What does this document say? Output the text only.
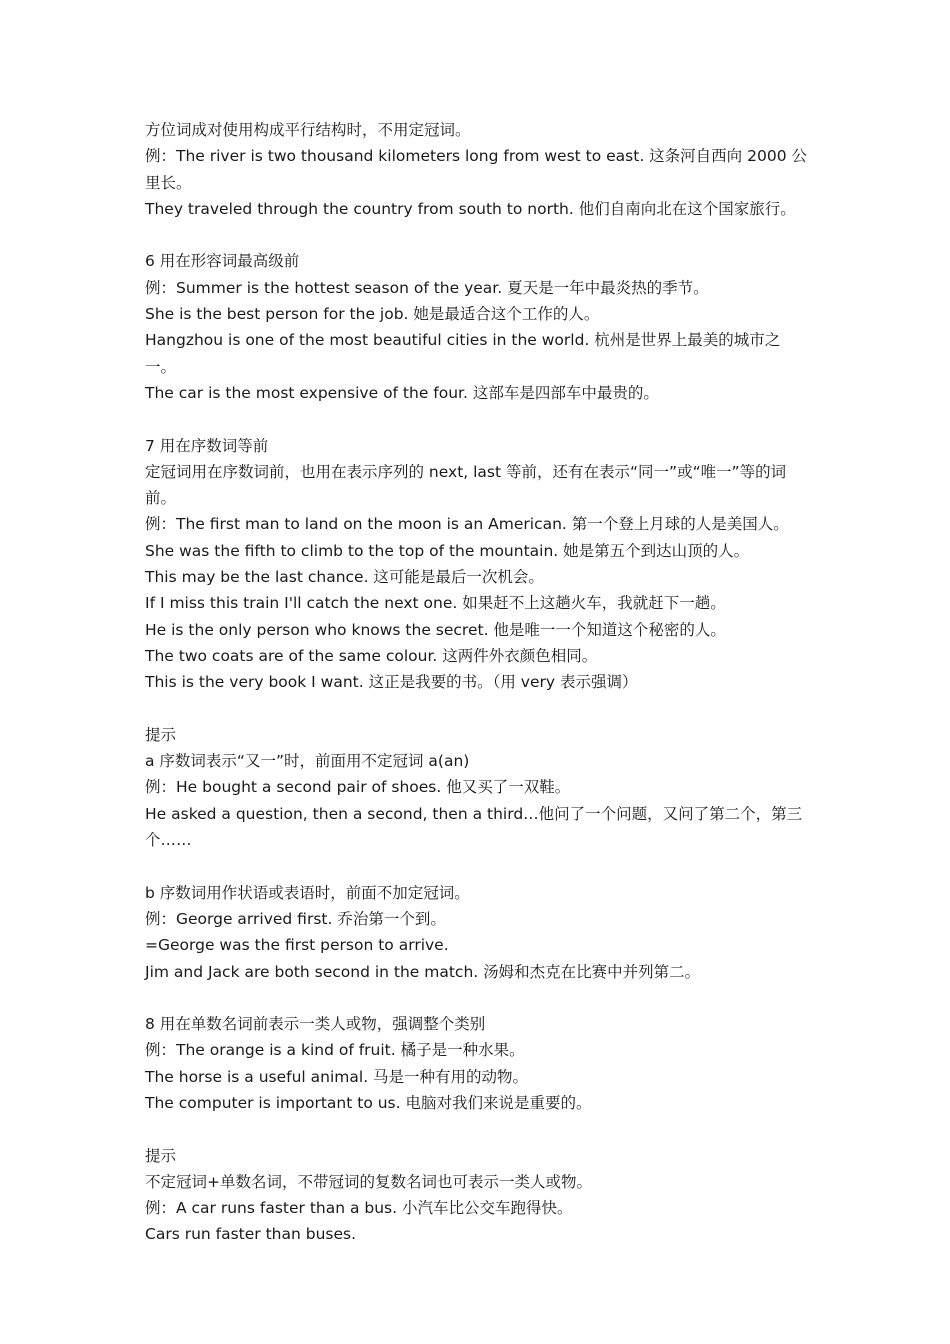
方位词成对使用构成平行结构时，不用定冠词。
例：The river is two thousand kilometers long from west to east. 这条河自西向 2000 公里长。
They traveled through the country from south to north. 他们自南向北在这个国家旅行。
6 用在形容词最高级前
例：Summer is the hottest season of the year. 夏天是一年中最炎热的季节。
She is the best person for the job. 她是最适合这个工作的人。
Hangzhou is one of the most beautiful cities in the world. 杭州是世界上最美的城市之一。
The car is the most expensive of the four. 这部车是四部车中最贵的。
7 用在序数词等前
定冠词用在序数词前，也用在表示序列的 next, last 等前，还有在表示“同一”或“唯一”等的词前。
例：The first man to land on the moon is an American. 第一个登上月球的人是美国人。
She was the fifth to climb to the top of the mountain. 她是第五个到达山顶的人。
This may be the last chance. 这可能是最后一次机会。
If I miss this train I'll catch the next one. 如果赶不上这趟火车，我就赶下一趟。
He is the only person who knows the secret. 他是唯一一个知道这个秘密的人。
The two coats are of the same colour. 这两件外衣颜色相同。
This is the very book I want. 这正是我要的书。（用 very 表示强调）
提示
a 序数词表示“又一”时，前面用不定冠词 a(an)
例：He bought a second pair of shoes. 他又买了一双鞋。
He asked a question, then a second, then a third…他问了一个问题，又问了第二个，第三个……
b 序数词用作状语或表语时，前面不加定冠词。
例：George arrived first. 乔治第一个到。
=George was the first person to arrive.
Jim and Jack are both second in the match. 汤姆和杰克在比赛中并列第二。
8 用在单数名词前表示一类人或物，强调整个类别
例：The orange is a kind of fruit. 橘子是一种水果。
The horse is a useful animal. 马是一种有用的动物。
The computer is important to us. 电脑对我们来说是重要的。
提示
不定冠词+单数名词，不带冠词的复数名词也可表示一类人或物。
例：A car runs faster than a bus. 小汽车比公交车跑得快。
Cars run faster than buses.
